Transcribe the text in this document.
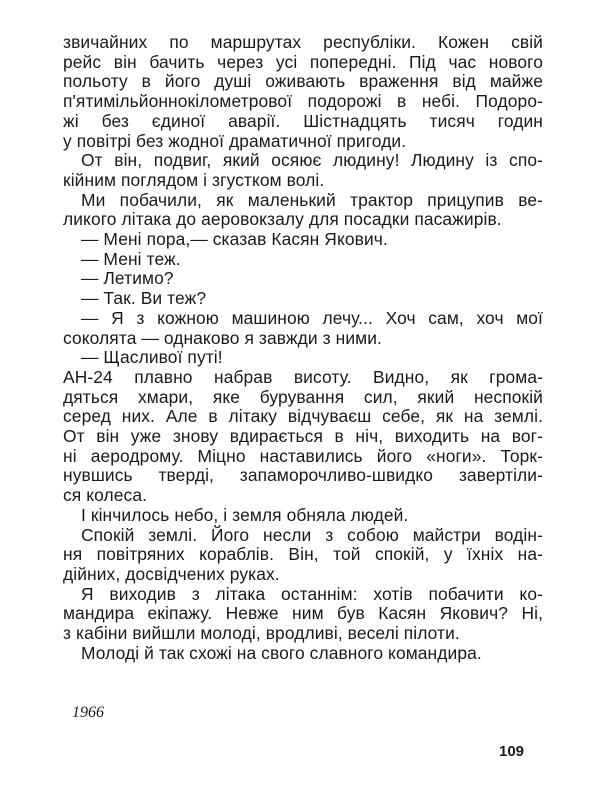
звичайних по маршрутах республіки. Кожен свій
рейс він бачить через усі попередні. Під час нового
польоту в його душі оживають враження від майже
п'ятимільйоннокілометрової подорожі в небі. Подоро-
жі без єдиної аварії. Шістнадцять тисяч годин
у повітрі без жодної драматичної пригоди.
От він, подвиг, який осяює людину! Людину із спо-
кійним поглядом і згустком волі.
Ми побачили, як маленький трактор прицупив ве-
ликого літака до аеровокзалу для посадки пасажирів.
— Мені пора,— сказав Касян Якович.
— Мені теж.
— Летимо?
— Так. Ви теж?
— Я з кожною машиною лечу... Хоч сам, хоч мої
соколята — однаково я завжди з ними.
— Щасливої путі!
АН-24 плавно набрав висоту. Видно, як грома-
дяться хмари, яке бурування сил, який неспокій
серед них. Але в літаку відчуваєш себе, як на землі.
От він уже знову вдирається в ніч, виходить на вог-
ні аеродрому. Міцно наставились його «ноги». Торк-
нувшись тверді, запаморочливо-швидко завертіли-
ся колеса.
І кінчилось небо, і земля обняла людей.
Спокій землі. Його несли з собою майстри водін-
ня повітряних кораблів. Він, той спокій, у їхніх на-
дійних, досвідчених руках.
Я виходив з літака останнім: хотів побачити ко-
мандира екіпажу. Невже ним був Касян Якович? Ні,
з кабіни вийшли молоді, вродливі, веселі пілоти.
Молоді й так схожі на свого славного командира.
1966
109
